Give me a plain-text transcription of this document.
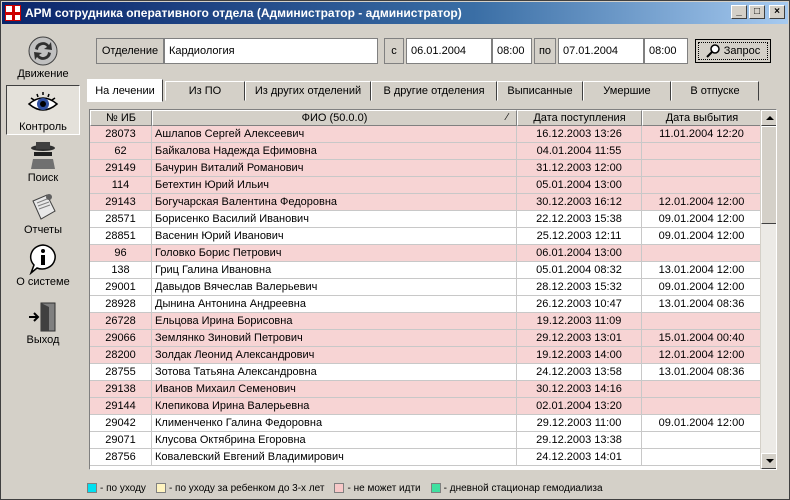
АРМ сотрудника оперативного отдела (Администратор - администратор)	_	□	×
Движение
Контроль
Поиск
Отчеты
О системе
Выход
Отделение Кардиология	с	06.01.2004	08:00	по	07.01.2004	08:00	Запрос
На лечении	Из ПО	Из других отделений	В другие отделения	Выписанные	Умершие	В отпуске
№ ИБ	ФИО (50.0.0)	∕	Дата поступления	Дата выбытия
28073	Ашлапов Сергей Алексеевич	16.12.2003 13:26	11.01.2004 12:20
62	Байкалова Надежда Ефимовна	04.01.2004 11:55
29149	Бачурин Виталий Романович	31.12.2003 12:00
114	Бетехтин Юрий Ильич	05.01.2004 13:00
29143	Богучарская Валентина Федоровна	30.12.2003 16:12	12.01.2004 12:00
28571	Борисенко Василий Иванович	22.12.2003 15:38	09.01.2004 12:00
28851	Васенин Юрий Иванович	25.12.2003 12:11	09.01.2004 12:00
96	Головко Борис Петрович	06.01.2004 13:00
138	Гриц Галина Ивановна	05.01.2004 08:32	13.01.2004 12:00
29001	Давыдов Вячеслав Валерьевич	28.12.2003 15:32	09.01.2004 12:00
28928	Дынина Антонина Андреевна	26.12.2003 10:47	13.01.2004 08:36
26728	Ельцова Ирина Борисовна	19.12.2003 11:09
29066	Землянко Зиновий Петрович	29.12.2003 13:01	15.01.2004 00:40
28200	Золдак Леонид Александрович	19.12.2003 14:00	12.01.2004 12:00
28755	Зотова Татьяна Александровна	24.12.2003 13:58	13.01.2004 08:36
29138	Иванов Михаил Семенович	30.12.2003 14:16
29144	Клепикова Ирина Валерьевна	02.01.2004 13:20
29042	Клименченко Галина Федоровна	29.12.2003 11:00	09.01.2004 12:00
29071	Клусова Октябрина Егоровна	29.12.2003 13:38
28756	Ковалевский Евгений Владимирович	24.12.2003 14:01
- по уходу - по уходу за ребенком до 3-х лет - не может идти - дневной стационар гемодиализа
